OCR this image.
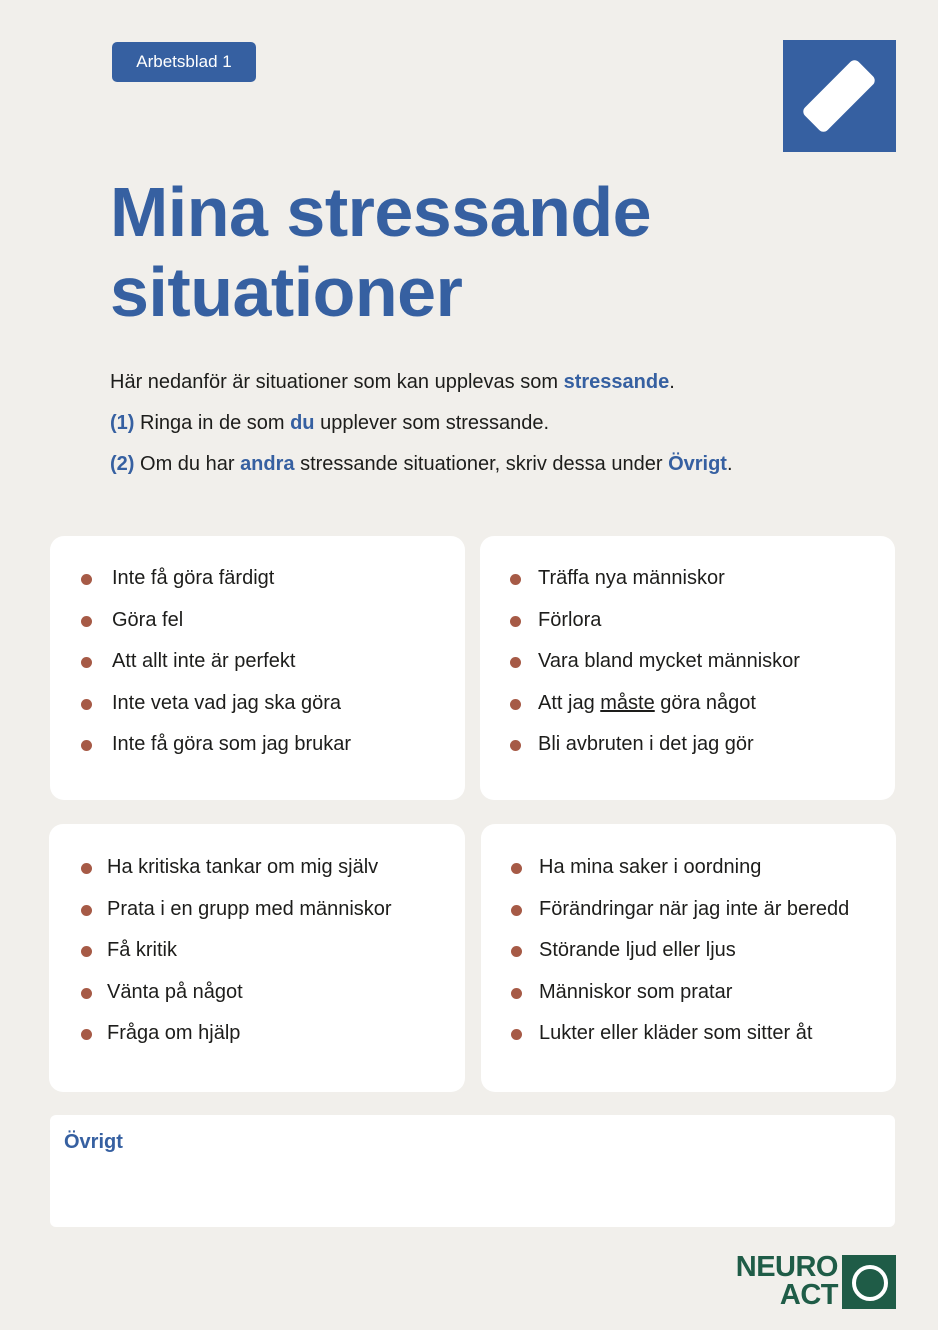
Arbetsblad 1
Mina stressande
situationer

Här nedanför är situationer som kan upplevas som stressande.

(1) Ringa in de som du upplever som stressande.

(2) Om du har andra stressande situationer, skriv dessa under Övrigt.

Inte få göra färdigt
Göra fel
Att allt inte är perfekt
Inte veta vad jag ska göra
Inte få göra som jag brukar
Träffa nya människor
Förlora
Vara bland mycket människor
Att jag måste göra något
Bli avbruten i det jag gör
Ha kritiska tankar om mig själv
Prata i en grupp med människor
Få kritik
Vänta på något
Fråga om hjälp
Ha mina saker i oordning
Förändringar när jag inte är beredd
Störande ljud eller ljus
Människor som pratar
Lukter eller kläder som sitter åt
Övrigt
NEURO
ACT
